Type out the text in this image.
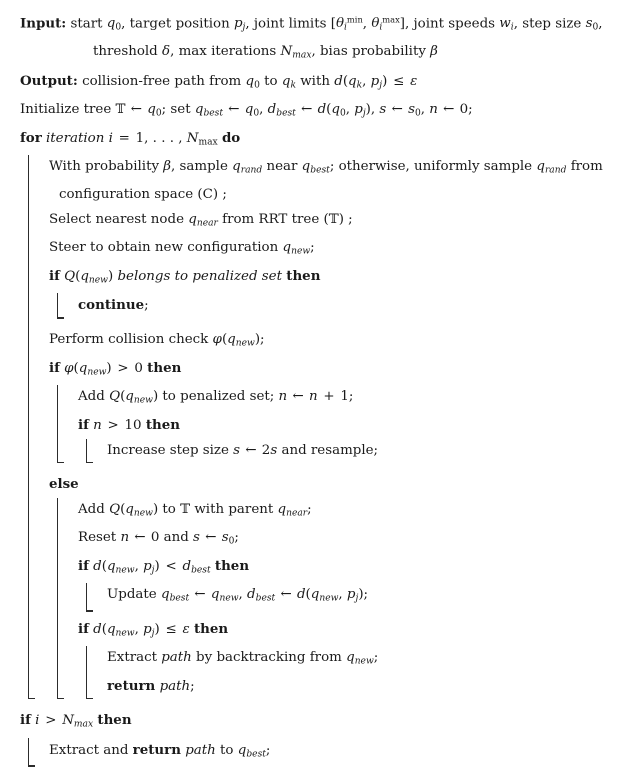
Input: start $q_0$, target position $p_j$, joint limits [$\theta_i^{min}$, $\theta_i^{max}$], joint speeds $w_i$, step size $s_0$,
threshold δ, max iterations $N_{max}$, bias probability β
Output: collision-free path from $q_0$ to $q_k$ with $d(q_k$, $p_j) \le \varepsilon$
Initialize tree 𝕋 ← $q_0$; set $q_{best}$ ← $q_0$, $d_{best}$ ← $d(q_0$, $p_j$), s ← $s_0$, n ← 0;
for iteration i = 1, . . . , $N_{max}$ do
With probability β, sample $q_{rand}$ near $q_{best}$; otherwise, uniformly sample $q_{rand}$ from
configuration space (C) ;
Select nearest node $q_{near}$ from RRT tree (𝕋) ;
Steer to obtain new configuration $q_{new}$;
if $Q(q_{new})$ belongs to penalized set then
continue;
Perform collision check $\varphi(q_{new})$;
if $\varphi(q_{new}) > 0$ then
Add $Q(q_{new})$ to penalized set; n ← n + 1;
if n > 10 then
Increase step size s ← 2s and resample;
else
Add $Q(q_{new})$ to 𝕋 with parent $q_{near}$;
Reset n ← 0 and s ← $s_0$;
if $d(q_{new}$, $p_j) < d_{best}$ then
Update $q_{best}$ ← $q_{new}$, $d_{best}$ ← $d(q_{new}$, $p_j$);
if $d(q_{new}$, $p_j) \le \varepsilon$ then
Extract path by backtracking from $q_{new}$;
return path;
if $i > N_{max}$ then
Extract and return path to $q_{best}$;
